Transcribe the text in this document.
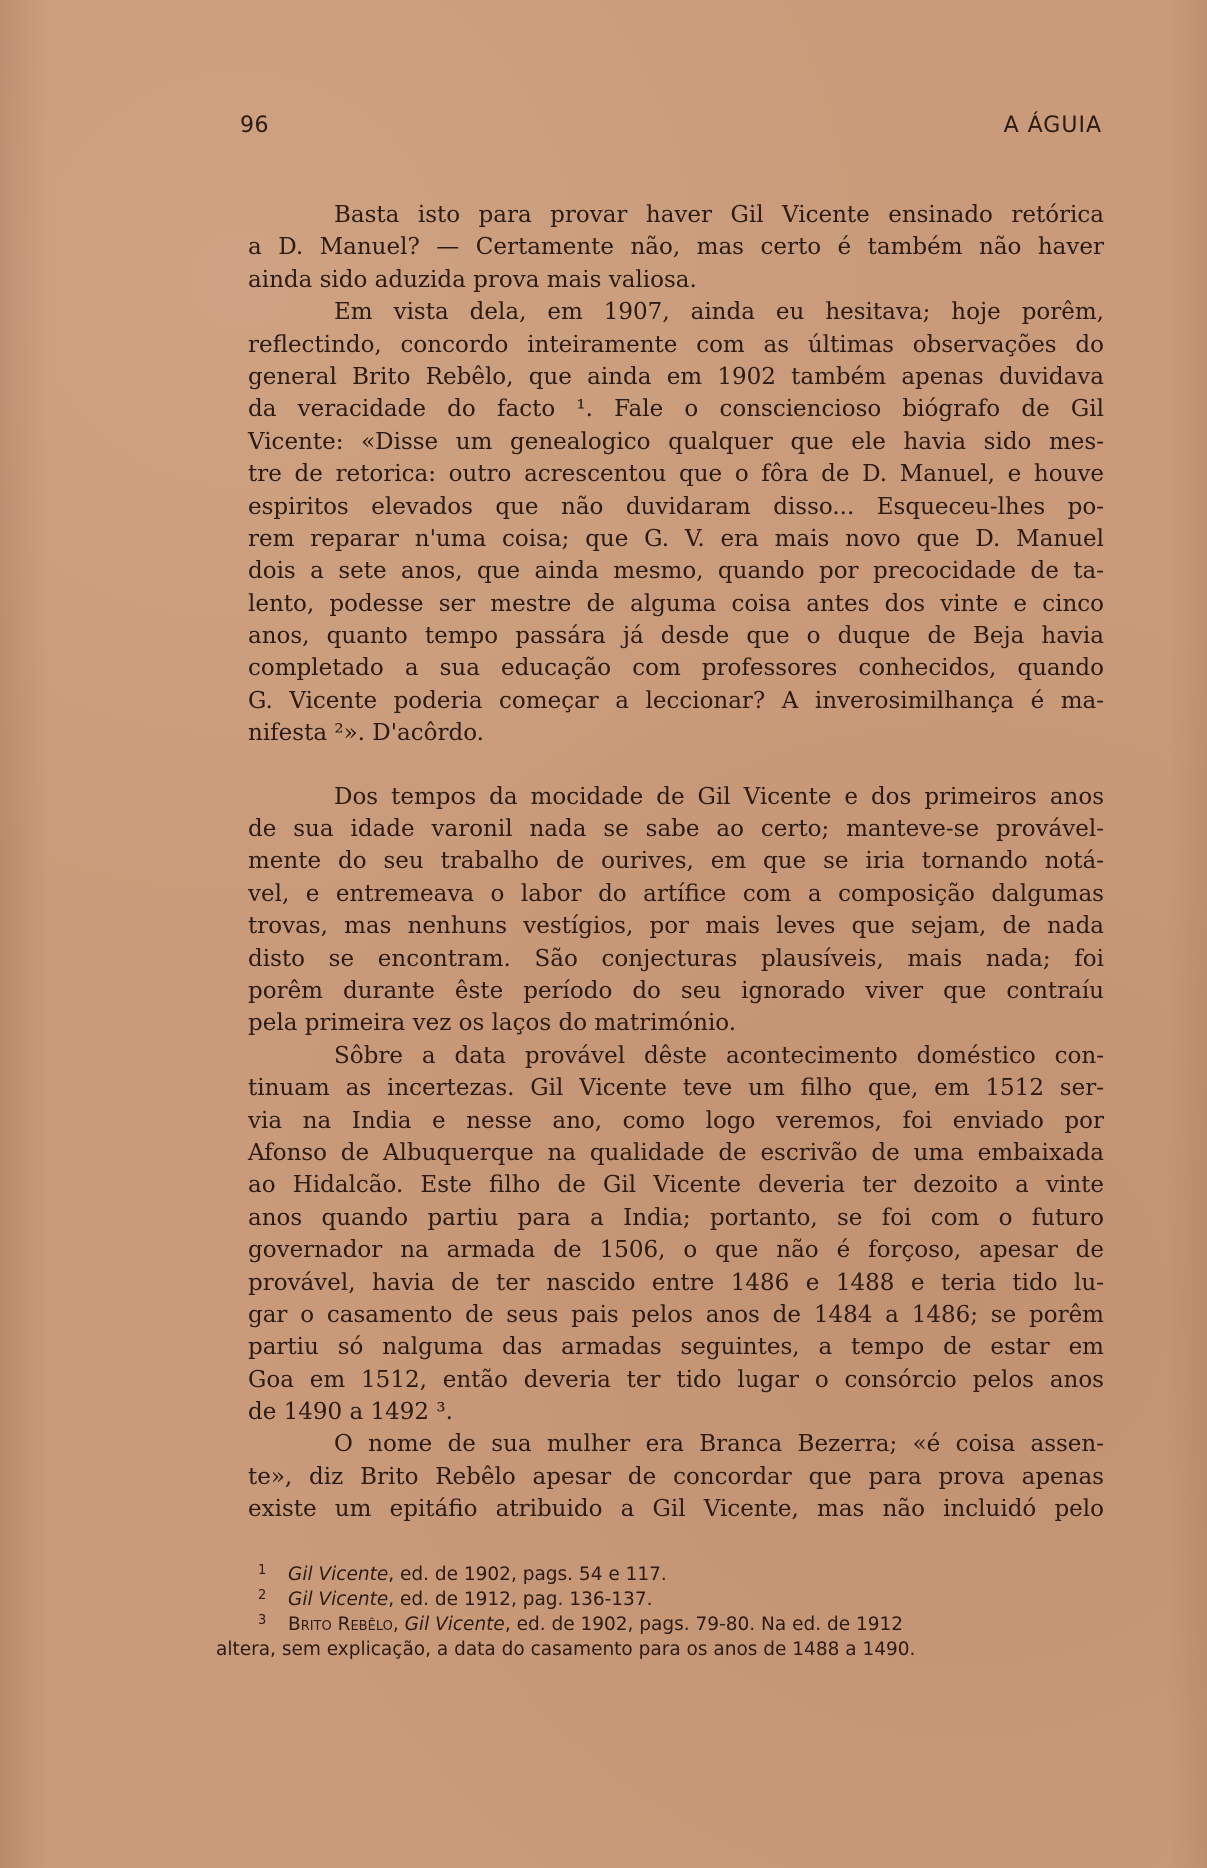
96	A ÁGUIA
Basta isto para provar haver Gil Vicente ensinado retórica
a D. Manuel? — Certamente não, mas certo é também não haver
ainda sido aduzida prova mais valiosa.
Em vista dela, em 1907, ainda eu hesitava; hoje porêm,
reflectindo, concordo inteiramente com as últimas observações do
general Brito Rebêlo, que ainda em 1902 também apenas duvidava
da veracidade do facto ¹. Fale o consciencioso biógrafo de Gil
Vicente: «Disse um genealogico qualquer que ele havia sido mes-
tre de retorica: outro acrescentou que o fôra de D. Manuel, e houve
espiritos elevados que não duvidaram disso... Esqueceu-lhes po-
rem reparar n'uma coisa; que G. V. era mais novo que D. Manuel
dois a sete anos, que ainda mesmo, quando por precocidade de ta-
lento, podesse ser mestre de alguma coisa antes dos vinte e cinco
anos, quanto tempo passára já desde que o duque de Beja havia
completado a sua educação com professores conhecidos, quando
G. Vicente poderia começar a leccionar? A inverosimilhança é ma-
nifesta ²». D'acôrdo.
Dos tempos da mocidade de Gil Vicente e dos primeiros anos
de sua idade varonil nada se sabe ao certo; manteve-se provável-
mente do seu trabalho de ourives, em que se iria tornando notá-
vel, e entremeava o labor do artífice com a composição dalgumas
trovas, mas nenhuns vestígios, por mais leves que sejam, de nada
disto se encontram. São conjecturas plausíveis, mais nada; foi
porêm durante êste período do seu ignorado viver que contraíu
pela primeira vez os laços do matrimónio.
Sôbre a data provável dêste acontecimento doméstico con-
tinuam as incertezas. Gil Vicente teve um filho que, em 1512 ser-
via na India e nesse ano, como logo veremos, foi enviado por
Afonso de Albuquerque na qualidade de escrivão de uma embaixada
ao Hidalcão. Este filho de Gil Vicente deveria ter dezoito a vinte
anos quando partiu para a India; portanto, se foi com o futuro
governador na armada de 1506, o que não é forçoso, apesar de
provável, havia de ter nascido entre 1486 e 1488 e teria tido lu-
gar o casamento de seus pais pelos anos de 1484 a 1486; se porêm
partiu só nalguma das armadas seguintes, a tempo de estar em
Goa em 1512, então deveria ter tido lugar o consórcio pelos anos
de 1490 a 1492 ³.
O nome de sua mulher era Branca Bezerra; «é coisa assen-
te», diz Brito Rebêlo apesar de concordar que para prova apenas
existe um epitáfio atribuido a Gil Vicente, mas não incluidó pelo
1 Gil Vicente, ed. de 1902, pags. 54 e 117.
2 Gil Vicente, ed. de 1912, pag. 136-137.
3 Brito Rebêlo, Gil Vicente, ed. de 1902, pags. 79-80. Na ed. de 1912
altera, sem explicação, a data do casamento para os anos de 1488 a 1490.
